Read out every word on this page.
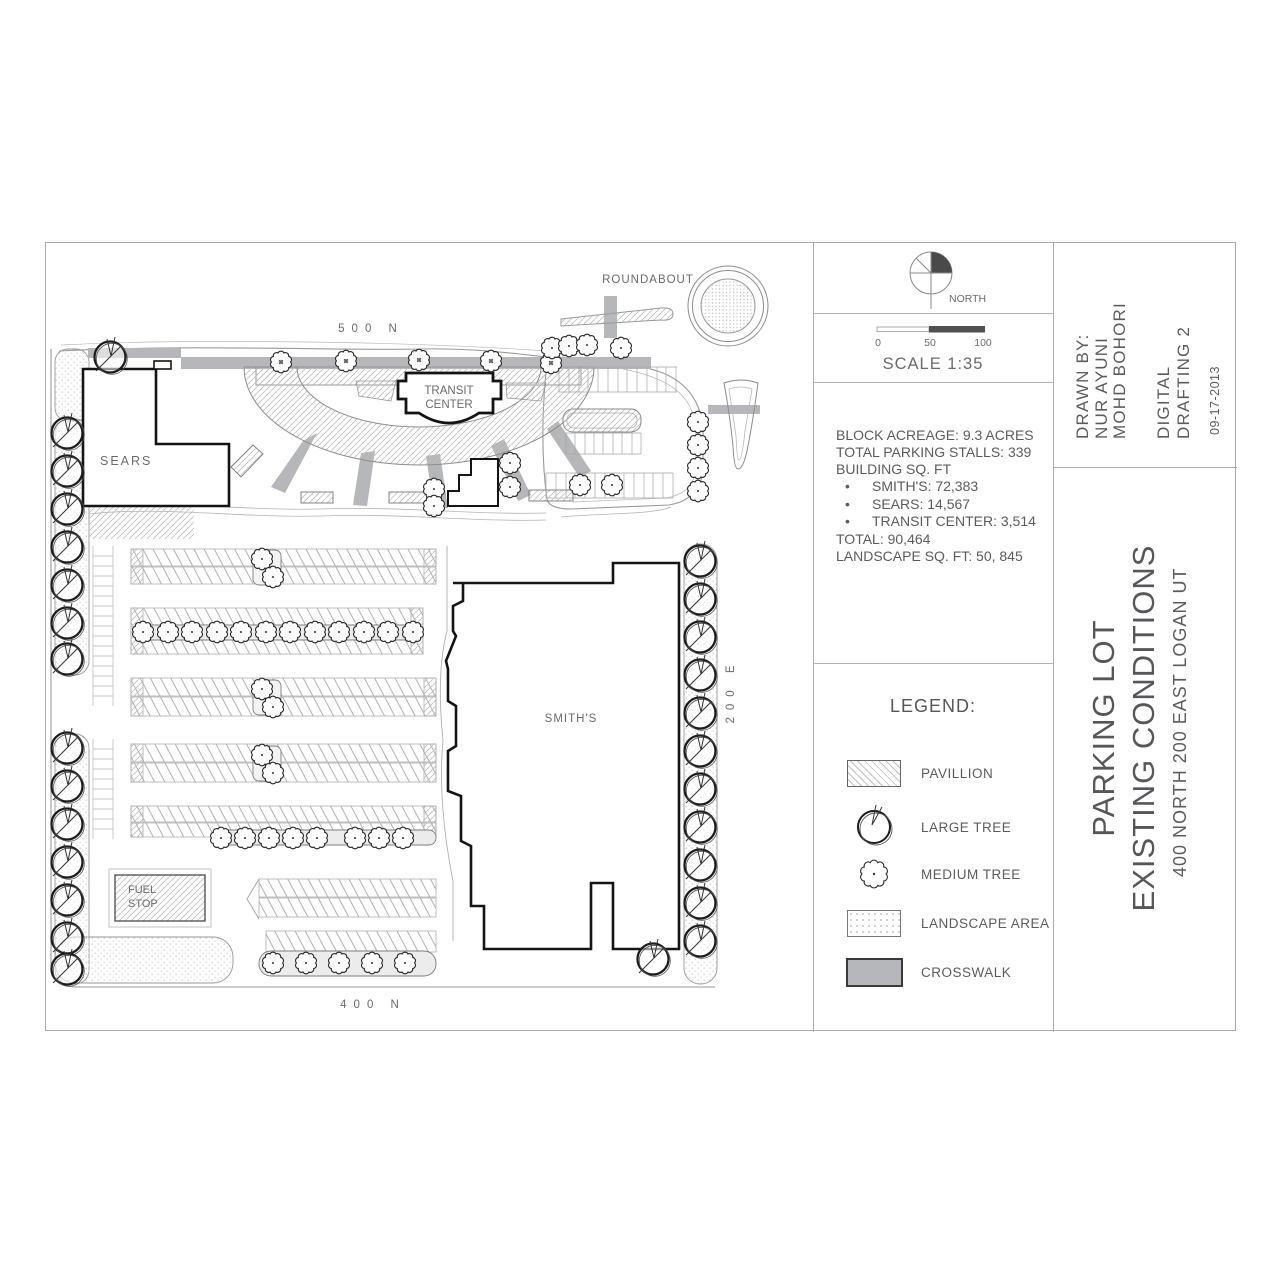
500 N
ROUNDABOUT
400 N
200 E
SEARS
TRANSIT
CENTER
SMITH'S
FUEL
STOP
NORTH
0	50	100
SCALE 1:35

BLOCK ACREAGE: 9.3 ACRES

TOTAL PARKING STALLS: 339

BUILDING SQ. FT

•	SMITH'S: 72,383
•	SEARS: 14,567
•	TRANSIT CENTER: 3,514

TOTAL: 90,464

LANDSCAPE SQ. FT: 50, 845

LEGEND:
PAVILLION
LARGE TREE
MEDIUM TREE
LANDSCAPE AREA
CROSSWALK
DRAWN BY: NUR AYUNI MOHD BOHORI DIGITAL DRAFTING 2 09-17-2013
PARKING LOT EXISTING CONDITIONS 400 NORTH 200 EAST LOGAN UT
